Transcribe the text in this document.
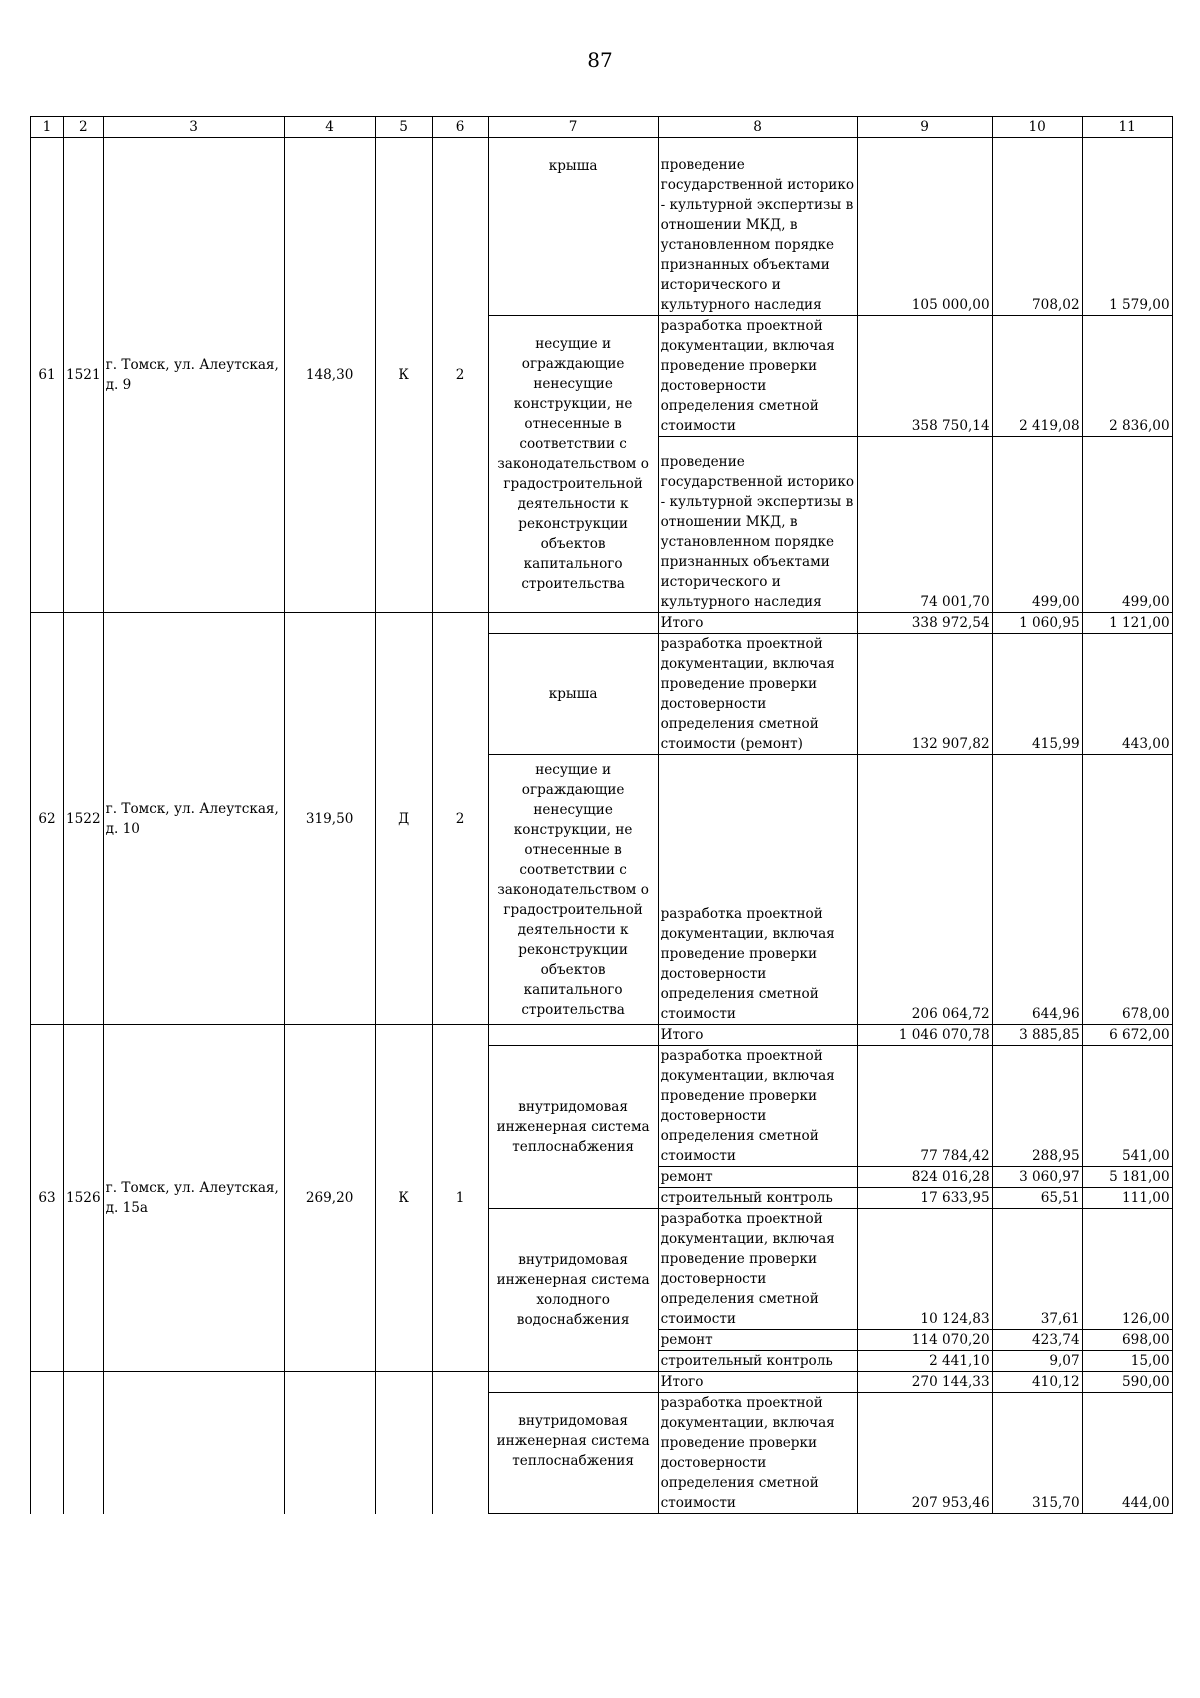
87
1	2	3	4	5	6	7	8	9	10	11
61	1521	г. Томск, ул. Алеутская, д. 9	148,30	К	2	крыша	проведение государственной историко - культурной экспертизы в отношении МКД, в установленном порядке признанных объектами исторического и культурного наследия	105 000,00	708,02	1 579,00
						несущие и ограждающие ненесущие конструкции, не отнесенные в соответствии с законодательством о градостроительной деятельности к реконструкции объектов капитального строительства	разработка проектной документации, включая проведение проверки достоверности определения сметной стоимости	358 750,14	2 419,08	2 836,00
							проведение государственной историко - культурной экспертизы в отношении МКД, в установленном порядке признанных объектами исторического и культурного наследия	74 001,70	499,00	499,00
62	1522	г. Томск, ул. Алеутская, д. 10	319,50	Д	2		Итого	338 972,54	1 060,95	1 121,00
						крыша	разработка проектной документации, включая проведение проверки достоверности определения сметной стоимости (ремонт)	132 907,82	415,99	443,00
						несущие и ограждающие ненесущие конструкции, не отнесенные в соответствии с законодательством о градостроительной деятельности к реконструкции объектов капитального строительства	разработка проектной документации, включая проведение проверки достоверности определения сметной стоимости	206 064,72	644,96	678,00
63	1526	г. Томск, ул. Алеутская, д. 15а	269,20	К	1		Итого	1 046 070,78	3 885,85	6 672,00
						внутридомовая инженерная система теплоснабжения	разработка проектной документации, включая проведение проверки достоверности определения сметной стоимости	77 784,42	288,95	541,00
							ремонт	824 016,28	3 060,97	5 181,00
							строительный контроль	17 633,95	65,51	111,00
						внутридомовая инженерная система холодного водоснабжения	разработка проектной документации, включая проведение проверки достоверности определения сметной стоимости	10 124,83	37,61	126,00
							ремонт	114 070,20	423,74	698,00
							строительный контроль	2 441,10	9,07	15,00
							Итого	270 144,33	410,12	590,00
						внутридомовая инженерная система теплоснабжения	разработка проектной документации, включая проведение проверки достоверности определения сметной стоимости	207 953,46	315,70	444,00
